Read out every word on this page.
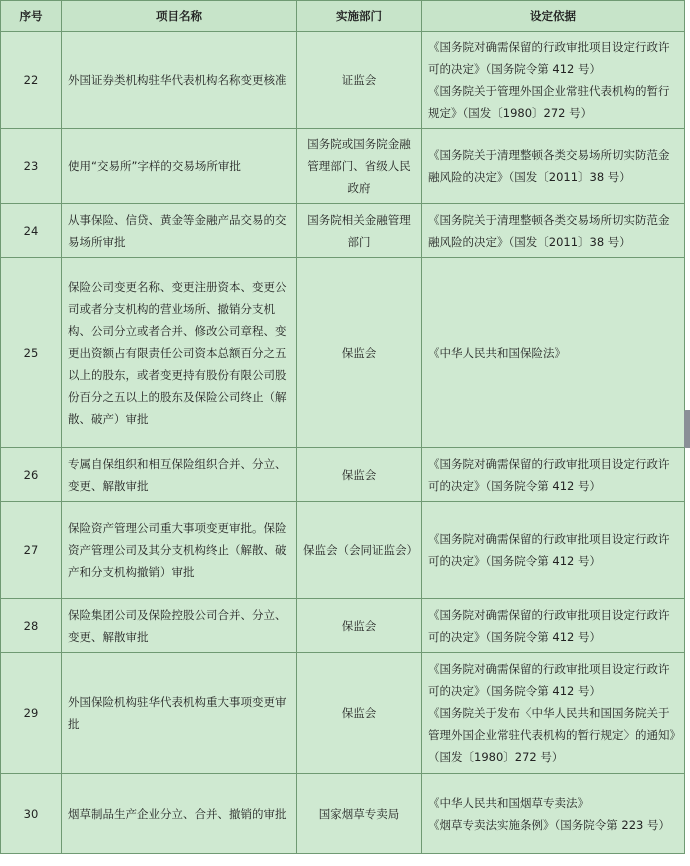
序号	项目名称	实施部门	设定依据
22	外国证券类机构驻华代表机构名称变更核准	证监会	《国务院对确需保留的行政审批项目设定行政许可的决定》（国务院令第 412 号）
《国务院关于管理外国企业常驻代表机构的暂行规定》（国发〔1980〕272 号）

23	使用“交易所”字样的交易场所审批	国务院或国务院金融管理部门、省级人民政府	《国务院关于清理整顿各类交易场所切实防范金融风险的决定》（国发〔2011〕38 号）

24	从事保险、信贷、黄金等金融产品交易的交易场所审批	国务院相关金融管理部门	《国务院关于清理整顿各类交易场所切实防范金融风险的决定》（国发〔2011〕38 号）

25	保险公司变更名称、变更注册资本、变更公司或者分支机构的营业场所、撤销分支机构、公司分立或者合并、修改公司章程、变更出资额占有限责任公司资本总额百分之五以上的股东，或者变更持有股份有限公司股份百分之五以上的股东及保险公司终止（解散、破产）审批	保监会	《中华人民共和国保险法》

26	专属自保组织和相互保险组织合并、分立、变更、解散审批	保监会	《国务院对确需保留的行政审批项目设定行政许可的决定》（国务院令第 412 号）

27	保险资产管理公司重大事项变更审批。保险资产管理公司及其分支机构终止（解散、破产和分支机构撤销）审批	保监会（会同证监会）	《国务院对确需保留的行政审批项目设定行政许可的决定》（国务院令第 412 号）

28	保险集团公司及保险控股公司合并、分立、变更、解散审批	保监会	《国务院对确需保留的行政审批项目设定行政许可的决定》（国务院令第 412 号）

29	外国保险机构驻华代表机构重大事项变更审批	保监会	《国务院对确需保留的行政审批项目设定行政许可的决定》（国务院令第 412 号）
《国务院关于发布〈中华人民共和国国务院关于管理外国企业常驻代表机构的暂行规定〉的通知》（国发〔1980〕272 号）

30	烟草制品生产企业分立、合并、撤销的审批	国家烟草专卖局	《中华人民共和国烟草专卖法》
《烟草专卖法实施条例》（国务院令第 223 号）
